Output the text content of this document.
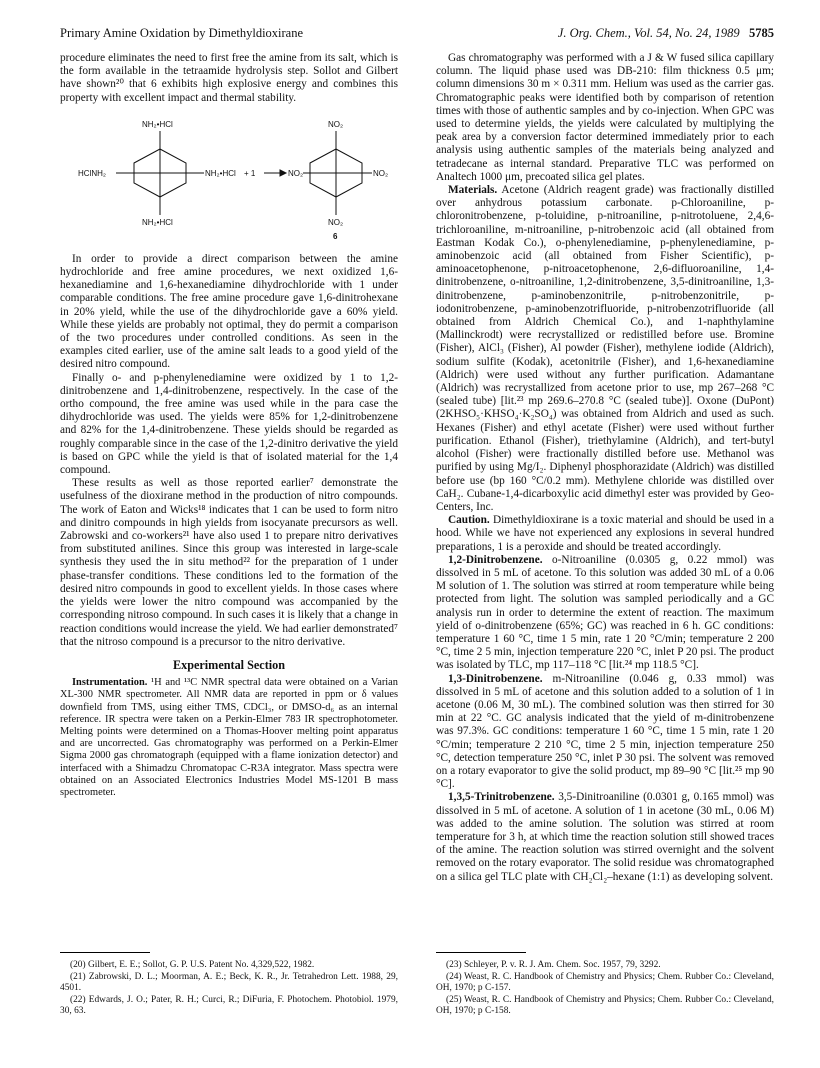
Primary Amine Oxidation by Dimethyldioxirane	J. Org. Chem., Vol. 54, No. 24, 1989 5785

procedure eliminates the need to first free the amine from its salt, which is the form available in the tetraamide hydrolysis step. Sollot and Gilbert have shown²⁰ that 6 exhibits high explosive energy and combines this property with excellent impact and thermal stability.

NH₂•HCl
HClNH₂	NH₂•HCl
NH₂•HCl
+ 1
NO₂
NO₂	NO₂
NO₂
6

In order to provide a direct comparison between the amine hydrochloride and free amine procedures, we next oxidized 1,6-hexanediamine and 1,6-hexanediamine dihydrochloride with 1 under comparable conditions. The free amine procedure gave 1,6-dinitrohexane in 20% yield, while the use of the dihydrochloride gave a 60% yield. While these yields are probably not optimal, they do permit a comparison of the two procedures under controlled conditions. As seen in the examples cited earlier, use of the amine salt leads to a good yield of the desired nitro compound.

Finally o- and p-phenylenediamine were oxidized by 1 to 1,2-dinitrobenzene and 1,4-dinitrobenzene, respectively. In the case of the ortho compound, the free amine was used while in the para case the dihydrochloride was used. The yields were 85% for 1,2-dinitrobenzene and 82% for the 1,4-dinitrobenzene. These yields should be regarded as roughly comparable since in the case of the 1,2-dinitro derivative the yield is based on GPC while the yield is that of isolated material for the 1,4 compound.

These results as well as those reported earlier⁷ demonstrate the usefulness of the dioxirane method in the production of nitro compounds. The work of Eaton and Wicks¹⁸ indicates that 1 can be used to form nitro and dinitro compounds in high yields from isocyanate precursors as well. Zabrowski and co-workers²¹ have also used 1 to prepare nitro derivatives from substituted anilines. Since this group was interested in large-scale synthesis they used the in situ method²² for the preparation of 1 under phase-transfer conditions. These conditions led to the formation of the desired nitro compounds in good to excellent yields. In those cases where the yields were lower the nitro compound was accompanied by the corresponding nitroso compound. In such cases it is likely that a change in reaction conditions would increase the yield. We had earlier demonstrated⁷ that the nitroso compound is a precursor to the nitro derivative.

Experimental Section

Instrumentation. ¹H and ¹³C NMR spectral data were obtained on a Varian XL-300 NMR spectrometer. All NMR data are reported in ppm or δ values downfield from TMS, using either TMS, CDCl₃, or DMSO-d₆ as an internal reference. IR spectra were taken on a Perkin-Elmer 783 IR spectrophotometer. Melting points were determined on a Thomas-Hoover melting point apparatus and are uncorrected. Gas chromatography was performed on a Perkin-Elmer Sigma 2000 gas chromatograph (equipped with a flame ionization detector) and interfaced with a Shimadzu Chromatopac C-R3A integrator. Mass spectra were obtained on an Associated Electronics Industries Model MS-1201 B mass spectrometer.

Gas chromatography was performed with a J & W fused silica capillary column. The liquid phase used was DB-210: film thickness 0.5 μm; column dimensions 30 m × 0.311 mm. Helium was used as the carrier gas. Chromatographic peaks were identified both by comparison of retention times with those of authentic samples and by co-injection. When GPC was used to determine yields, the yields were calculated by multiplying the peak area by a conversion factor determined immediately prior to each analysis using authentic samples of the materials being analyzed and tetradecane as internal standard. Preparative TLC was performed on Analtech 1000 μm, precoated silica gel plates.

Materials. Acetone (Aldrich reagent grade) was fractionally distilled over anhydrous potassium carbonate. p-Chloroaniline, p-chloronitrobenzene, p-toluidine, p-nitroaniline, p-nitrotoluene, 2,4,6-trichloroaniline, m-nitroaniline, p-nitrobenzoic acid (all obtained from Eastman Kodak Co.), o-phenylenediamine, p-phenylenediamine, p-aminobenzoic acid (all obtained from Fisher Scientific), p-aminoacetophenone, p-nitroacetophenone, 2,6-difluoroaniline, 1,4-dinitrobenzene, o-nitroaniline, 1,2-dinitrobenzene, 3,5-dinitroaniline, 1,3-dinitrobenzene, p-aminobenzonitrile, p-nitrobenzonitrile, p-iodonitrobenzene, p-aminobenzotrifluoride, p-nitrobenzotrifluoride (all obtained from Aldrich Chemical Co.), and 1-naphthylamine (Mallinckrodt) were recrystallized or redistilled before use. Bromine (Fisher), AlCl₃ (Fisher), Al powder (Fisher), methylene iodide (Aldrich), sodium sulfite (Kodak), acetonitrile (Fisher), and 1,6-hexanediamine (Aldrich) were used without any further purification. Adamantane (Aldrich) was recrystallized from acetone prior to use, mp 267–268 °C (sealed tube) [lit.²³ mp 269.6–270.8 °C (sealed tube)]. Oxone (DuPont) (2KHSO₅·KHSO₄·K₂SO₄) was obtained from Aldrich and used as such. Hexanes (Fisher) and ethyl acetate (Fisher) were used without further purification. Ethanol (Fisher), triethylamine (Aldrich), and tert-butyl alcohol (Fisher) were fractionally distilled before use. Methanol was purified by using Mg/I₂. Diphenyl phosphorazidate (Aldrich) was distilled before use (bp 160 °C/0.2 mm). Methylene chloride was distilled over CaH₂. Cubane-1,4-dicarboxylic acid dimethyl ester was provided by Geo-Centers, Inc.

Caution. Dimethyldioxirane is a toxic material and should be used in a hood. While we have not experienced any explosions in several hundred preparations, 1 is a peroxide and should be treated accordingly.

1,2-Dinitrobenzene. o-Nitroaniline (0.0305 g, 0.22 mmol) was dissolved in 5 mL of acetone. To this solution was added 30 mL of a 0.06 M solution of 1. The solution was stirred at room temperature while being protected from light. The solution was sampled periodically and a GC analysis run in order to determine the extent of reaction. The maximum yield of o-dinitrobenzene (65%; GC) was reached in 6 h. GC conditions: temperature 1 60 °C, time 1 5 min, rate 1 20 °C/min; temperature 2 200 °C, time 2 5 min, injection temperature 220 °C, inlet P 20 psi. The product was isolated by TLC, mp 117–118 °C [lit.²⁴ mp 118.5 °C].

1,3-Dinitrobenzene. m-Nitroaniline (0.046 g, 0.33 mmol) was dissolved in 5 mL of acetone and this solution added to a solution of 1 in acetone (0.06 M, 30 mL). The combined solution was then stirred for 30 min at 22 °C. GC analysis indicated that the yield of m-dinitrobenzene was 97.3%. GC conditions: temperature 1 60 °C, time 1 5 min, rate 1 20 °C/min; temperature 2 210 °C, time 2 5 min, injection temperature 250 °C, detection temperature 250 °C, inlet P 30 psi. The solvent was removed on a rotary evaporator to give the solid product, mp 89–90 °C [lit.²⁵ mp 90 °C].

1,3,5-Trinitrobenzene. 3,5-Dinitroaniline (0.0301 g, 0.165 mmol) was dissolved in 5 mL of acetone. A solution of 1 in acetone (30 mL, 0.06 M) was added to the amine solution. The solution was stirred at room temperature for 3 h, at which time the reaction solution still showed traces of the amine. The reaction solution was stirred overnight and the solvent removed on the rotary evaporator. The solid residue was chromatographed on a silica gel TLC plate with CH₂Cl₂–hexane (1:1) as developing solvent.

(20) Gilbert, E. E.; Sollot, G. P. U.S. Patent No. 4,329,522, 1982.

(21) Zabrowski, D. L.; Moorman, A. E.; Beck, K. R., Jr. Tetrahedron Lett. 1988, 29, 4501.

(22) Edwards, J. O.; Pater, R. H.; Curci, R.; DiFuria, F. Photochem. Photobiol. 1979, 30, 63.

(23) Schleyer, P. v. R. J. Am. Chem. Soc. 1957, 79, 3292.

(24) Weast, R. C. Handbook of Chemistry and Physics; Chem. Rubber Co.: Cleveland, OH, 1970; p C-157.

(25) Weast, R. C. Handbook of Chemistry and Physics; Chem. Rubber Co.: Cleveland, OH, 1970; p C-158.
